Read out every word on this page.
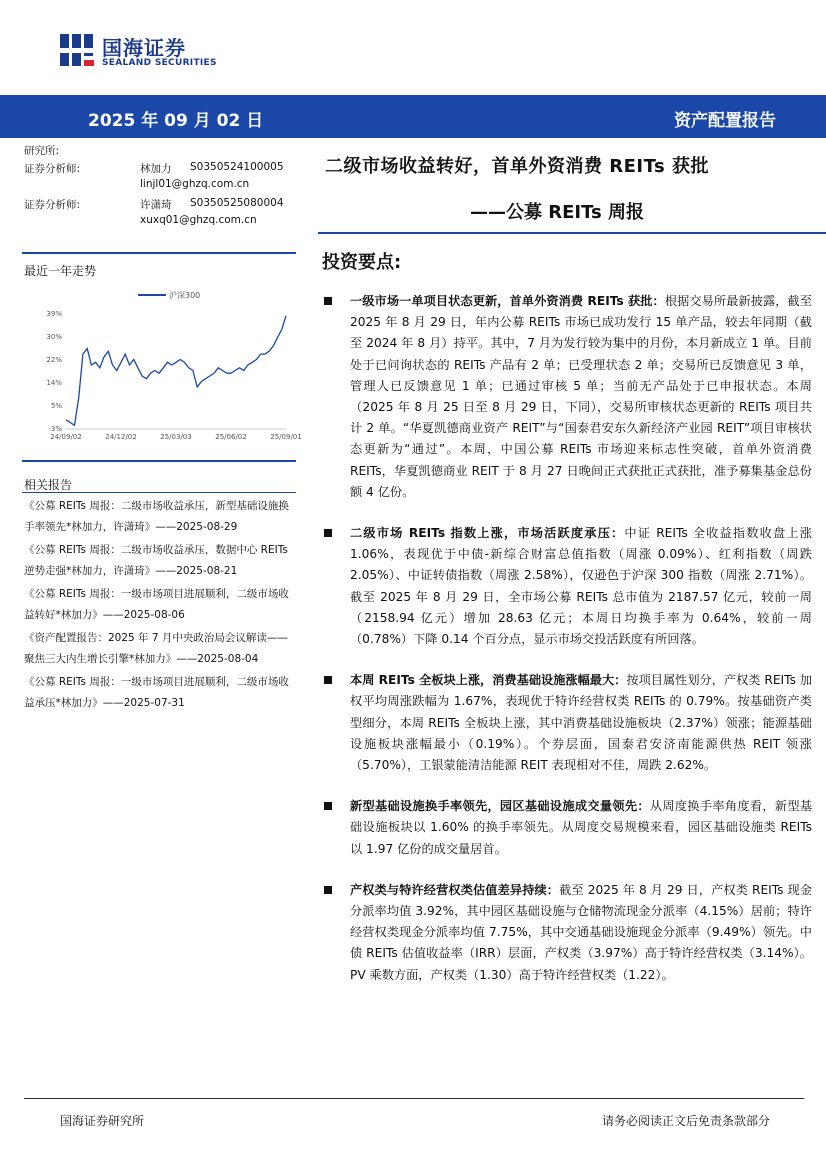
国海证券
SEALAND SECURITIES
2025 年 09 月 02 日	资产配置报告
研究所:
证券分析师:	林加力 S0350524100005
linjl01@ghzq.com.cn
证券分析师:	许潇琦 S0350525080004
xuxq01@ghzq.com.cn
最近一年走势
-3%
5%
14%
22%
30%
39%
24/09/02	24/12/02	25/03/03	25/06/02	25/09/01
沪深300
相关报告
《公募 REITs 周报：二级市场收益承压，新型基础设施换手率领先*林加力，许潇琦》——2025-08-29
《公募 REITs 周报：二级市场收益承压，数据中心 REITs 逆势走强*林加力，许潇琦》——2025-08-21
《公募 REITs 周报：一级市场项目进展顺利，二级市场收益转好*林加力》——2025-08-06
《资产配置报告：2025 年 7 月中央政治局会议解读——聚焦三大内生增长引擎*林加力》——2025-08-04
《公募 REITs 周报：一级市场项目进展顺利，二级市场收益承压*林加力》——2025-07-31
二级市场收益转好，首单外资消费 REITs 获批
——公募 REITs 周报
投资要点:
一级市场一单项目状态更新，首单外资消费 REITs 获批：根据交易所最新披露，截至 2025 年 8 月 29 日，年内公募 REITs 市场已成功发行 15 单产品，较去年同期（截至 2024 年 8 月）持平。其中，7 月为发行较为集中的月份，本月新成立 1 单。目前处于已问询状态的 REITs 产品有 2 单；已受理状态 2 单；交易所已反馈意见 3 单，管理人已反馈意见 1 单；已通过审核 5 单；当前无产品处于已申报状态。本周（2025 年 8 月 25 日至 8 月 29 日，下同），交易所审核状态更新的 REITs 项目共计 2 单。“华夏凯德商业资产 REIT”与“国泰君安东久新经济产业园 REIT”项目审核状态更新为“通过”。本周，中国公募 REITs 市场迎来标志性突破，首单外资消费 REITs，华夏凯德商业 REIT 于 8 月 27 日晚间正式获批正式获批，准予募集基金总份额 4 亿份。
二级市场 REITs 指数上涨，市场活跃度承压：中证 REITs 全收益指数收盘上涨 1.06%，表现优于中债-新综合财富总值指数（周涨 0.09%）、红利指数（周跌 2.05%）、中证转债指数（周涨 2.58%），仅逊色于沪深 300 指数（周涨 2.71%）。截至 2025 年 8 月 29 日，全市场公募 REITs 总市值为 2187.57 亿元，较前一周（2158.94 亿元）增加 28.63 亿元；本周日均换手率为 0.64%，较前一周（0.78%）下降 0.14 个百分点，显示市场交投活跃度有所回落。
本周 REITs 全板块上涨，消费基础设施涨幅最大：按项目属性划分，产权类 REITs 加权平均周涨跌幅为 1.67%，表现优于特许经营权类 REITs 的 0.79%。按基础资产类型细分，本周 REITs 全板块上涨，其中消费基础设施板块（2.37%）领涨；能源基础设施板块涨幅最小（0.19%）。个券层面，国泰君安济南能源供热 REIT 领涨（5.70%），工银蒙能清洁能源 REIT 表现相对不佳，周跌 2.62%。
新型基础设施换手率领先，园区基础设施成交量领先：从周度换手率角度看，新型基础设施板块以 1.60% 的换手率领先。从周度交易规模来看，园区基础设施类 REITs 以 1.97 亿份的成交量居首。
产权类与特许经营权类估值差异持续：截至 2025 年 8 月 29 日，产权类 REITs 现金分派率均值 3.92%，其中园区基础设施与仓储物流现金分派率（4.15%）居前；特许经营权类现金分派率均值 7.75%，其中交通基础设施现金分派率（9.49%）领先。中债 REITs 估值收益率（IRR）层面，产权类（3.97%）高于特许经营权类（3.14%）。PV 乘数方面，产权类（1.30）高于特许经营权类（1.22）。
国海证券研究所	请务必阅读正文后免责条款部分
